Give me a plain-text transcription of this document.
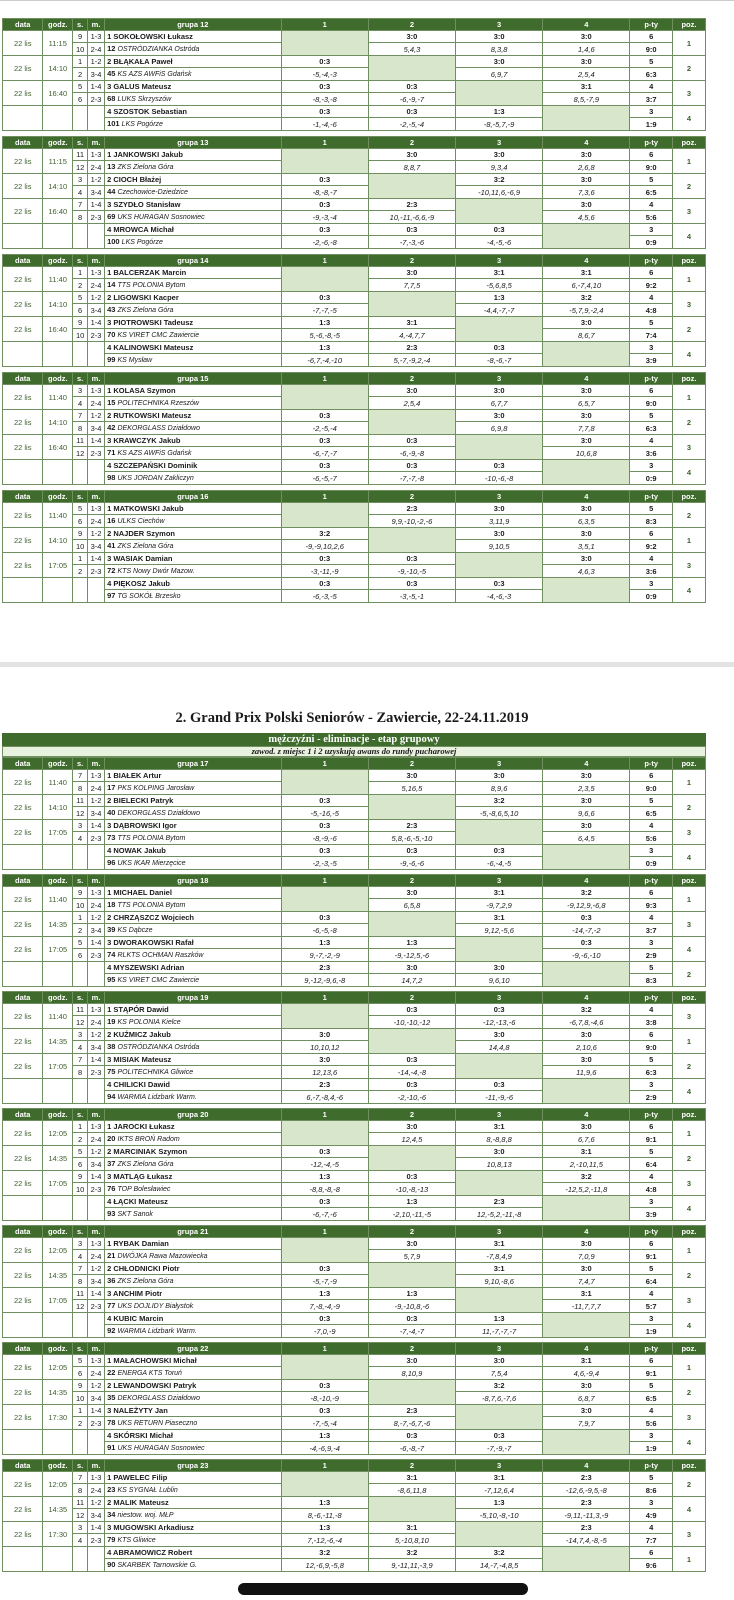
data	godz.	s.	m.	grupa 12	1	2	3	4	p-ty	poz.
22 lis	11:15	9	1-3	1 SOKOŁOWSKI Łukasz		3:0	3:0	3:0	6	1
		10	2-4	12 OSTRÓDZIANKA Ostróda		5,4,3	8,3,8	1,4,6	9:0	
22 lis	14:10	1	1-2	2 BŁĄKAŁA Paweł	0:3		3:0	3:0	5	2
		2	3-4	45 KS AZS AWFiS Gdańsk	-5,-4,-3		6,9,7	2,5,4	6:3	
22 lis	16:40	5	1-4	3 GALUS Mateusz	0:3	0:3		3:1	4	3
		6	2-3	68 LUKS Skrzyszów	-8,-3,-8	-6,-9,-7		8,5,-7,9	3:7	
				4 SZOSTOK Sebastian	0:3	0:3	1:3		3	4
				101 LKS Pogórze	-1,-4,-6	-2,-5,-4	-8,-5,7,-9		1:9	
data	godz.	s.	m.	grupa 13	1	2	3	4	p-ty	poz.
22 lis	11:15	11	1-3	1 JANKOWSKI Jakub		3:0	3:0	3:0	6	1
		12	2-4	13 ZKS Zielona Góra		8,8,7	9,3,4	2,6,8	9:0	
22 lis	14:10	3	1-2	2 CIOCH Błażej	0:3		3:2	3:0	5	2
		4	3-4	44 Czechowice-Dziedzice	-8,-8,-7		-10,11,6,-6,9	7,3,6	6:5	
22 lis	16:40	7	1-4	3 SZYDŁO Stanisław	0:3	2:3		3:0	4	3
		8	2-3	69 UKS HURAGAN Sosnowiec	-9,-3,-4	10,-11,-6,6,-9		4,5,6	5:6	
				4 MROWCA Michał	0:3	0:3	0:3		3	4
				100 LKS Pogórze	-2,-6,-8	-7,-3,-6	-4,-5,-6		0:9	
data	godz.	s.	m.	grupa 14	1	2	3	4	p-ty	poz.
22 lis	11:40	1	1-3	1 BALCERZAK Marcin		3:0	3:1	3:1	6	1
		2	2-4	14 TTS POLONIA Bytom		7,7,5	-5,6,8,5	6,-7,4,10	9:2	
22 lis	14:10	5	1-2	2 LIGOWSKI Kacper	0:3		1:3	3:2	4	3
		6	3-4	43 ZKS Zielona Góra	-7,-7,-5		-4,4,-7,-7	-5,7,9,-2,4	4:8	
22 lis	16:40	9	1-4	3 PIOTROWSKI Tadeusz	1:3	3:1		3:0	5	2
		10	2-3	70 KS VIRET CMC Zawiercie	5,-6,-8,-5	4,-4,7,7		8,6,7	7:4	
				4 KALINOWSKI Mateusz	1:3	2:3	0:3		3	4
				99 KS Mysław	-6,7,-4,-10	5,-7,-9,2,-4	-8,-6,-7		3:9	
data	godz.	s.	m.	grupa 15	1	2	3	4	p-ty	poz.
22 lis	11:40	3	1-3	1 KOLASA Szymon		3:0	3:0	3:0	6	1
		4	2-4	15 POLITECHNIKA Rzeszów		2,5,4	6,7,7	6,5,7	9:0	
22 lis	14:10	7	1-2	2 RUTKOWSKI Mateusz	0:3		3:0	3:0	5	2
		8	3-4	42 DEKORGLASS Działdowo	-2,-5,-4		6,9,8	7,7,8	6:3	
22 lis	16:40	11	1-4	3 KRAWCZYK Jakub	0:3	0:3		3:0	4	3
		12	2-3	71 KS AZS AWFiS Gdańsk	-6,-7,-7	-6,-9,-8		10,6,8	3:6	
				4 SZCZEPAŃSKI Dominik	0:3	0:3	0:3		3	4
				98 UKS JORDAN Zakliczyn	-6,-5,-7	-7,-7,-8	-10,-6,-8		0:9	
data	godz.	s.	m.	grupa 16	1	2	3	4	p-ty	poz.
22 lis	11:40	5	1-3	1 MATKOWSKI Jakub		2:3	3:0	3:0	5	2
		6	2-4	16 ULKS Ciechów		9,9,-10,-2,-6	3,11,9	6,3,5	8:3	
22 lis	14:10	9	1-2	2 NAJDER Szymon	3:2		3:0	3:0	6	1
		10	3-4	41 ZKS Zielona Góra	-9,-9,10,2,6		9,10,5	3,5,1	9:2	
22 lis	17:05	1	1-4	3 WASIAK Damian	0:3	0:3		3:0	4	3
		2	2-3	72 KTS Nowy Dwór Mazow.	-3,-11,-9	-9,-10,-5		4,6,3	3:6	
				4 PIĘKOSZ Jakub	0:3	0:3	0:3		3	4
				97 TG SOKÓŁ Brzesko	-6,-3,-5	-3,-5,-1	-4,-6,-3		0:9	
2. Grand Prix Polski Seniorów - Zawiercie, 22-24.11.2019
mężczyźni - eliminacje - etap grupowy
zawod. z miejsc 1 i 2 uzyskują awans do rundy pucharowej
data	godz.	s.	m.	grupa 17	1	2	3	4	p-ty	poz.
22 lis	11:40	7	1-3	1 BIAŁEK Artur		3:0	3:0	3:0	6	1
		8	2-4	17 PKS KOLPING Jarosław		5,16,5	8,9,6	2,3,5	9:0	
22 lis	14:10	11	1-2	2 BIELECKI Patryk	0:3		3:2	3:0	5	2
		12	3-4	40 DEKORGLASS Działdowo	-5,-16,-5		-5,-8,6,5,10	9,6,6	6:5	
22 lis	17:05	3	1-4	3 DĄBROWSKI Igor	0:3	2:3		3:0	4	3
		4	2-3	73 TTS POLONIA Bytom	-8,-9,-6	5,8,-6,-5,-10		6,4,5	5:6	
				4 NOWAK Jakub	0:3	0:3	0:3		3	4
				96 UKS IKAR Mierzęcice	-2,-3,-5	-9,-6,-6	-6,-4,-5		0:9	
data	godz.	s.	m.	grupa 18	1	2	3	4	p-ty	poz.
22 lis	11:40	9	1-3	1 MICHAEL Daniel		3:0	3:1	3:2	6	1
		10	2-4	18 TTS POLONIA Bytom		6,5,8	-9,7,2,9	-9,12,9,-6,8	9:3	
22 lis	14:35	1	1-2	2 CHRZĄSZCZ Wojciech	0:3		3:1	0:3	4	3
		2	3-4	39 KS Dąbcze	-6,-5,-8		9,12,-5,6	-14,-7,-2	3:7	
22 lis	17:05	5	1-4	3 DWORAKOWSKI Rafał	1:3	1:3		0:3	3	4
		6	2-3	74 RLKTS OCHMAN Raszków	9,-7,-2,-9	-9,-12,5,-6		-9,-6,-10	2:9	
				4 MYSZEWSKI Adrian	2:3	3:0	3:0		5	2
				95 KS VIRET CMC Zawiercie	9,-12,-9,6,-8	14,7,2	9,6,10		8:3	
data	godz.	s.	m.	grupa 19	1	2	3	4	p-ty	poz.
22 lis	11:40	11	1-3	1 STĄPÓR Dawid		0:3	0:3	3:2	4	3
		12	2-4	19 KS POLONIA Kielce		-10,-10,-12	-12,-13,-6	-6,7,8,-4,6	3:8	
22 lis	14:35	3	1-2	2 KUŹMICZ Jakub	3:0		3:0	3:0	6	1
		4	3-4	38 OSTRÓDZIANKA Ostróda	10,10,12		14,4,8	2,10,6	9:0	
22 lis	17:05	7	1-4	3 MISIAK Mateusz	3:0	0:3		3:0	5	2
		8	2-3	75 POLITECHNIKA Gliwice	12,13,6	-14,-4,-8		11,9,6	6:3	
				4 CHILICKI Dawid	2:3	0:3	0:3		3	4
				94 WARMIA Lidzbark Warm.	6,-7,-8,4,-6	-2,-10,-6	-11,-9,-6		2:9	
data	godz.	s.	m.	grupa 20	1	2	3	4	p-ty	poz.
22 lis	12:05	1	1-3	1 JAROCKI Łukasz		3:0	3:1	3:0	6	1
		2	2-4	20 IKTS BROŃ Radom		12,4,5	8,-8,8,8	6,7,6	9:1	
22 lis	14:35	5	1-2	2 MARCINIAK Szymon	0:3		3:0	3:1	5	2
		6	3-4	37 ZKS Zielona Góra	-12,-4,-5		10,8,13	2,-10,11,5	6:4	
22 lis	17:05	9	1-4	3 MATLĄG Łukasz	1:3	0:3		3:2	4	3
		10	2-3	76 TOP Bolesławiec	-8,8,-8,-8	-10,-8,-13		-12,5,2,-11,8	4:8	
				4 ŁĄCKI Mateusz	0:3	1:3	2:3		3	4
				93 SKT Sanok	-6,-7,-6	-2,10,-11,-5	12,-5,2,-11,-8		3:9	
data	godz.	s.	m.	grupa 21	1	2	3	4	p-ty	poz.
22 lis	12:05	3	1-3	1 RYBAK Damian		3:0	3:1	3:0	6	1
		4	2-4	21 DWÓJKA Rawa Mazowiecka		5,7,9	-7,8,4,9	7,0,9	9:1	
22 lis	14:35	7	1-2	2 CHŁODNICKI Piotr	0:3		3:1	3:0	5	2
		8	3-4	36 ZKS Zielona Góra	-5,-7,-9		9,10,-8,6	7,4,7	6:4	
22 lis	17:05	11	1-4	3 ANCHIM Piotr	1:3	1:3		3:1	4	3
		12	2-3	77 UKS DOJLIDY Białystok	7,-8,-4,-9	-9,-10,8,-6		-11,7,7,7	5:7	
				4 KUBIC Marcin	0:3	0:3	1:3		3	4
				92 WARMIA Lidzbark Warm.	-7,0,-9	-7,-4,-7	11,-7,-7,-7		1:9	
data	godz.	s.	m.	grupa 22	1	2	3	4	p-ty	poz.
22 lis	12:05	5	1-3	1 MAŁACHOWSKI Michał		3:0	3:0	3:1	6	1
		6	2-4	22 ENERGA KTS Toruń		8,10,9	7,5,4	4,6,-9,4	9:1	
22 lis	14:35	9	1-2	2 LEWANDOWSKI Patryk	0:3		3:2	3:0	5	2
		10	3-4	35 DEKORGLASS Działdowo	-8,-10,-9		-8,7,6,-7,6	6,8,7	6:5	
22 lis	17:30	1	1-4	3 NALEŻYTY Jan	0:3	2:3		3:0	4	3
		2	2-3	78 UKS RETURN Piaseczno	-7,-5,-4	8,-7,-6,7,-6		7,9,7	5:6	
				4 SKÓRSKI Michał	1:3	0:3	0:3		3	4
				91 UKS HURAGAN Sosnowiec	-4,-6,9,-4	-6,-8,-7	-7,-9,-7		1:9	
data	godz.	s.	m.	grupa 23	1	2	3	4	p-ty	poz.
22 lis	12:05	7	1-3	1 PAWELEC Filip		3:1	3:1	2:3	5	2
		8	2-4	23 KS SYGNAŁ Lublin		-8,6,11,8	-7,12,6,4	-12,6,-9,5,-8	8:6	
22 lis	14:35	11	1-2	2 MALIK Mateusz	1:3		1:3	2:3	3	4
		12	3-4	34 niestow. woj. MŁP	8,-6,-11,-8		-5,10,-8,-10	-9,11,-11,3,-9	4:9	
22 lis	17:30	3	1-4	3 MUGOWSKI Arkadiusz	1:3	3:1		2:3	4	3
		4	2-3	79 KTS Gliwice	7,-12,-6,-4	5,-10,8,10		-14,7,4,-8,-5	7:7	
				4 ABRAMOWICZ Robert	3:2	3:2	3:2		6	1
				90 SKARBEK Tarnowskie G.	12,-6,9,-5,8	9,-11,11,-3,9	14,-7,-4,8,5		9:6	
